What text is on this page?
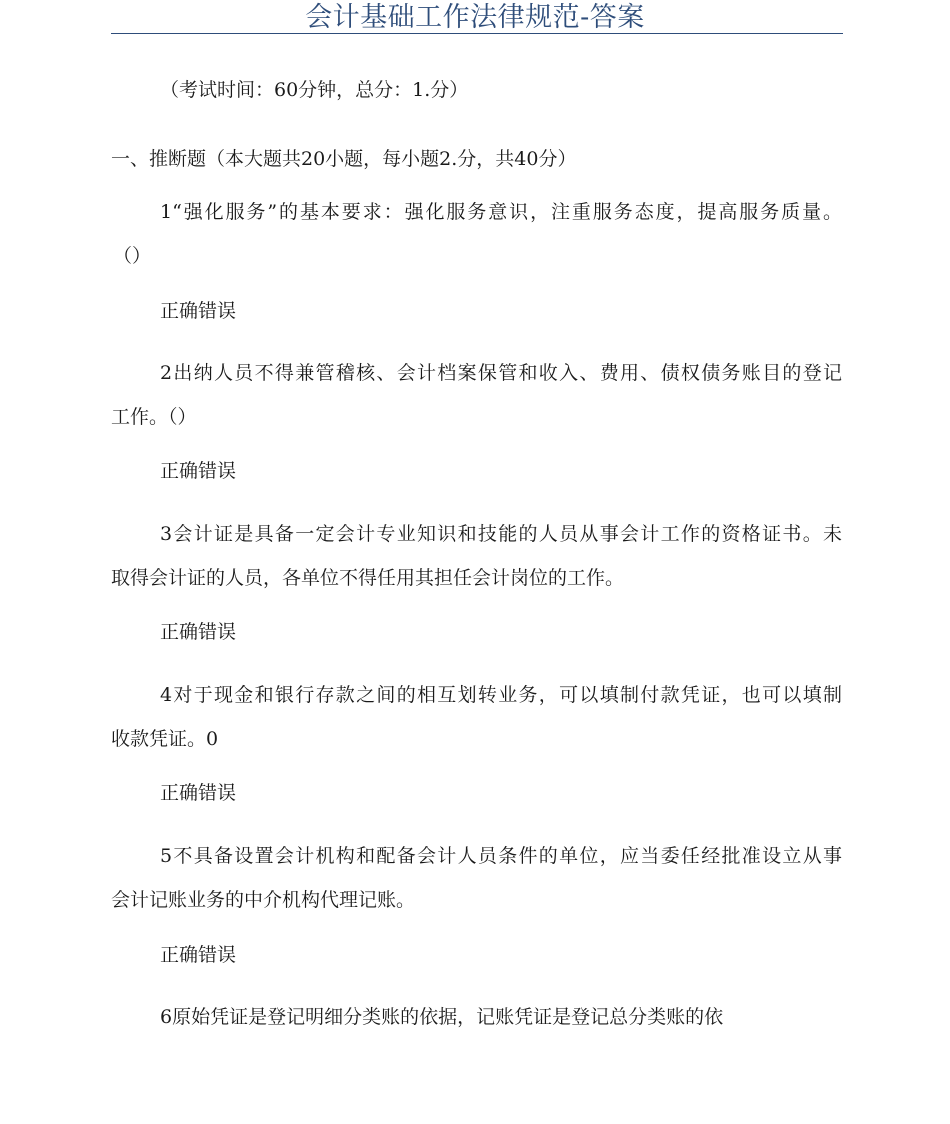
会计基础工作法律规范-答案
（考试时间：60分钟，总分：1.分）
一、推断题（本大题共20小题，每小题2.分，共40分）
1“强化服务”的基本要求：强化服务意识，注重服务态度，提高服务质量。
（）
正确错误
2出纳人员不得兼管稽核、会计档案保管和收入、费用、债权债务账目的登记
工作。（）
正确错误
3会计证是具备一定会计专业知识和技能的人员从事会计工作的资格证书。未
取得会计证的人员，各单位不得任用其担任会计岗位的工作。
正确错误
4对于现金和银行存款之间的相互划转业务，可以填制付款凭证，也可以填制
收款凭证。0
正确错误
5不具备设置会计机构和配备会计人员条件的单位，应当委任经批准设立从事
会计记账业务的中介机构代理记账。
正确错误
6原始凭证是登记明细分类账的依据，记账凭证是登记总分类账的依
